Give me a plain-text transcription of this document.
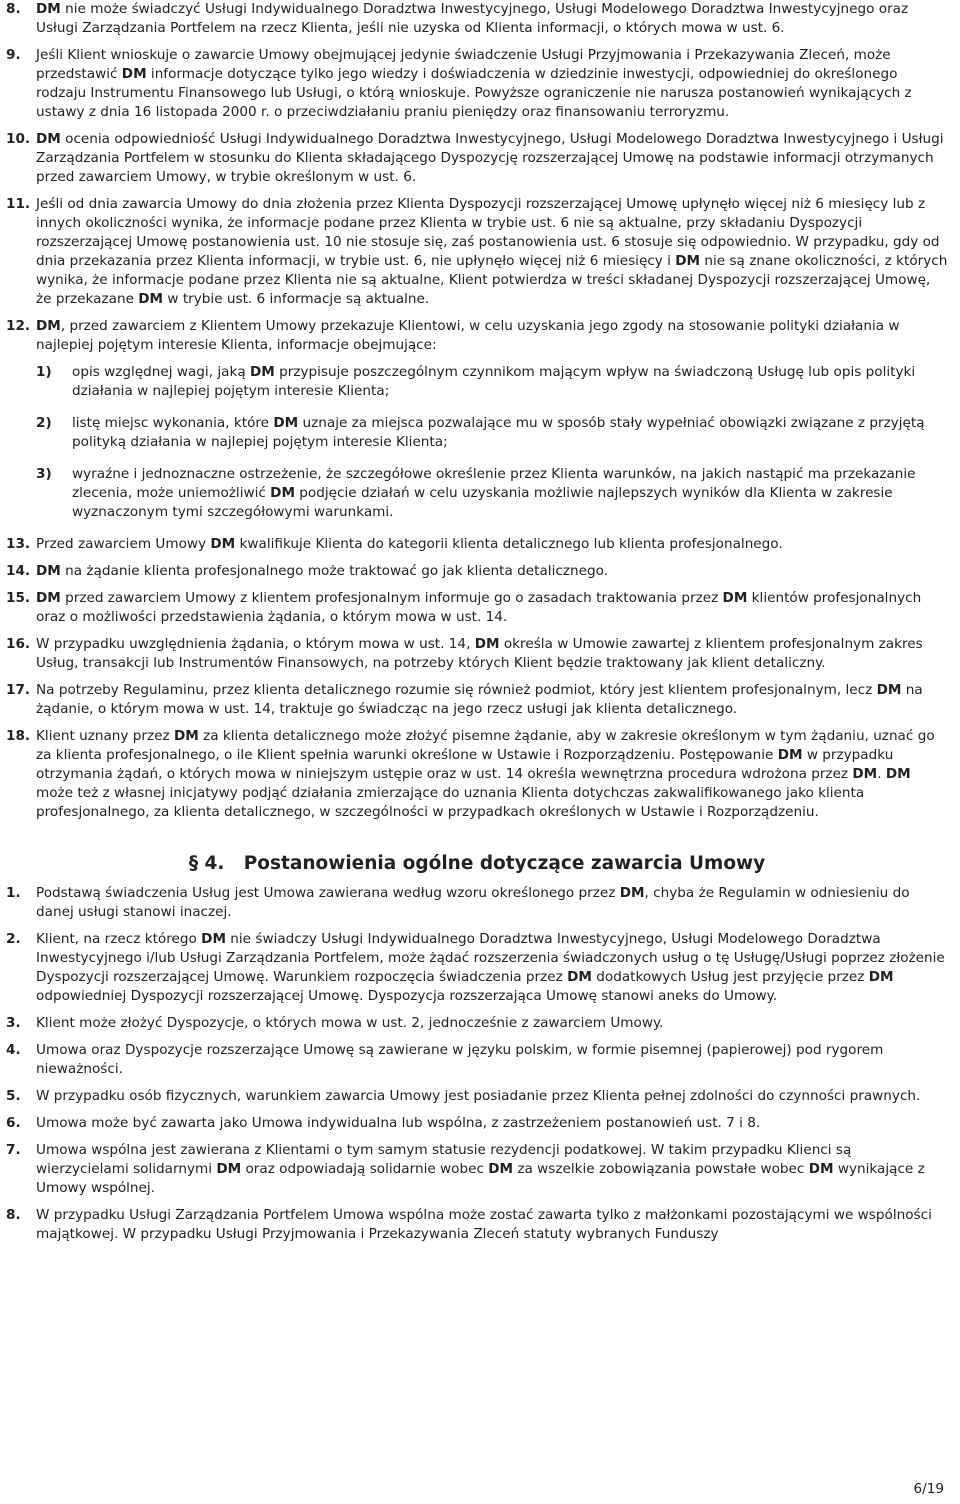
8.	DM nie może świadczyć Usługi Indywidualnego Doradztwa Inwestycyjnego, Usługi Modelowego Doradztwa Inwestycyjnego oraz Usługi Zarządzania Portfelem na rzecz Klienta, jeśli nie uzyska od Klienta informacji, o których mowa w ust. 6.
9.	Jeśli Klient wnioskuje o zawarcie Umowy obejmującej jedynie świadczenie Usługi Przyjmowania i Przekazywania Zleceń, może przedstawić DM informacje dotyczące tylko jego wiedzy i doświadczenia w dziedzinie inwestycji, odpowiedniej do określonego rodzaju Instrumentu Finansowego lub Usługi, o którą wnioskuje. Powyższe ograniczenie nie narusza postanowień wynikających z ustawy z dnia 16 listopada 2000 r. o przeciwdziałaniu praniu pieniędzy oraz finansowaniu terroryzmu.
10. DM ocenia odpowiedniość Usługi Indywidualnego Doradztwa Inwestycyjnego, Usługi Modelowego Doradztwa Inwestycyjnego i Usługi Zarządzania Portfelem w stosunku do Klienta składającego Dyspozycję rozszerzającej Umowę na podstawie informacji otrzymanych przed zawarciem Umowy, w trybie określonym w ust. 6.
11. Jeśli od dnia zawarcia Umowy do dnia złożenia przez Klienta Dyspozycji rozszerzającej Umowę upłynęło więcej niż 6 miesięcy lub z innych okoliczności wynika, że informacje podane przez Klienta w trybie ust. 6 nie są aktualne, przy składaniu Dyspozycji rozszerzającej Umowę postanowienia ust. 10 nie stosuje się, zaś postanowienia ust. 6 stosuje się odpowiednio. W przypadku, gdy od dnia przekazania przez Klienta informacji, w trybie ust. 6, nie upłynęło więcej niż 6 miesięcy i DM nie są znane okoliczności, z których wynika, że informacje podane przez Klienta nie są aktualne, Klient potwierdza w treści składanej Dyspozycji rozszerzającej Umowę, że przekazane DM w trybie ust. 6 informacje są aktualne.
12. DM, przed zawarciem z Klientem Umowy przekazuje Klientowi, w celu uzyskania jego zgody na stosowanie polityki działania w najlepiej pojętym interesie Klienta, informacje obejmujące:
1)	opis względnej wagi, jaką DM przypisuje poszczególnym czynnikom mającym wpływ na świadczoną Usługę lub opis polityki działania w najlepiej pojętym interesie Klienta;
2)	listę miejsc wykonania, które DM uznaje za miejsca pozwalające mu w sposób stały wypełniać obowiązki związane z przyjętą polityką działania w najlepiej pojętym interesie Klienta;
3)	wyraźne i jednoznaczne ostrzeżenie, że szczegółowe określenie przez Klienta warunków, na jakich nastąpić ma przekazanie zlecenia, może uniemożliwić DM podjęcie działań w celu uzyskania możliwie najlepszych wyników dla Klienta w zakresie wyznaczonym tymi szczegółowymi warunkami.
13. Przed zawarciem Umowy DM kwalifikuje Klienta do kategorii klienta detalicznego lub klienta profesjonalnego.
14. DM na żądanie klienta profesjonalnego może traktować go jak klienta detalicznego.
15. DM przed zawarciem Umowy z klientem profesjonalnym informuje go o zasadach traktowania przez DM klientów profesjonalnych oraz o możliwości przedstawienia żądania, o którym mowa w ust. 14.
16. W przypadku uwzględnienia żądania, o którym mowa w ust. 14, DM określa w Umowie zawartej z klientem profesjonalnym zakres Usług, transakcji lub Instrumentów Finansowych, na potrzeby których Klient będzie traktowany jak klient detaliczny.
17. Na potrzeby Regulaminu, przez klienta detalicznego rozumie się również podmiot, który jest klientem profesjonalnym, lecz DM na żądanie, o którym mowa w ust. 14, traktuje go świadcząc na jego rzecz usługi jak klienta detalicznego.
18. Klient uznany przez DM za klienta detalicznego może złożyć pisemne żądanie, aby w zakresie określonym w tym żądaniu, uznać go za klienta profesjonalnego, o ile Klient spełnia warunki określone w Ustawie i Rozporządzeniu. Postępowanie DM w przypadku otrzymania żądań, o których mowa w niniejszym ustępie oraz w ust. 14 określa wewnętrzna procedura wdrożona przez DM. DM może też z własnej inicjatywy podjąć działania zmierzające do uznania Klienta dotychczas zakwalifikowanego jako klienta profesjonalnego, za klienta detalicznego, w szczególności w przypadkach określonych w Ustawie i Rozporządzeniu.
§ 4. Postanowienia ogólne dotyczące zawarcia Umowy
1.	Podstawą świadczenia Usług jest Umowa zawierana według wzoru określonego przez DM, chyba że Regulamin w odniesieniu do danej usługi stanowi inaczej.
2.	Klient, na rzecz którego DM nie świadczy Usługi Indywidualnego Doradztwa Inwestycyjnego, Usługi Modelowego Doradztwa Inwestycyjnego i/lub Usługi Zarządzania Portfelem, może żądać rozszerzenia świadczonych usług o tę Usługę/Usługi poprzez złożenie Dyspozycji rozszerzającej Umowę. Warunkiem rozpoczęcia świadczenia przez DM dodatkowych Usług jest przyjęcie przez DM odpowiedniej Dyspozycji rozszerzającej Umowę. Dyspozycja rozszerzająca Umowę stanowi aneks do Umowy.
3.	Klient może złożyć Dyspozycje, o których mowa w ust. 2, jednocześnie z zawarciem Umowy.
4.	Umowa oraz Dyspozycje rozszerzające Umowę są zawierane w języku polskim, w formie pisemnej (papierowej) pod rygorem nieważności.
5.	W przypadku osób fizycznych, warunkiem zawarcia Umowy jest posiadanie przez Klienta pełnej zdolności do czynności prawnych.
6.	Umowa może być zawarta jako Umowa indywidualna lub wspólna, z zastrzeżeniem postanowień ust. 7 i 8.
7.	Umowa wspólna jest zawierana z Klientami o tym samym statusie rezydencji podatkowej. W takim przypadku Klienci są wierzycielami solidarnymi DM oraz odpowiadają solidarnie wobec DM za wszelkie zobowiązania powstałe wobec DM wynikające z Umowy wspólnej.
8.	W przypadku Usługi Zarządzania Portfelem Umowa wspólna może zostać zawarta tylko z małżonkami pozostającymi we wspólności majątkowej. W przypadku Usługi Przyjmowania i Przekazywania Zleceń statuty wybranych Funduszy
6/19
